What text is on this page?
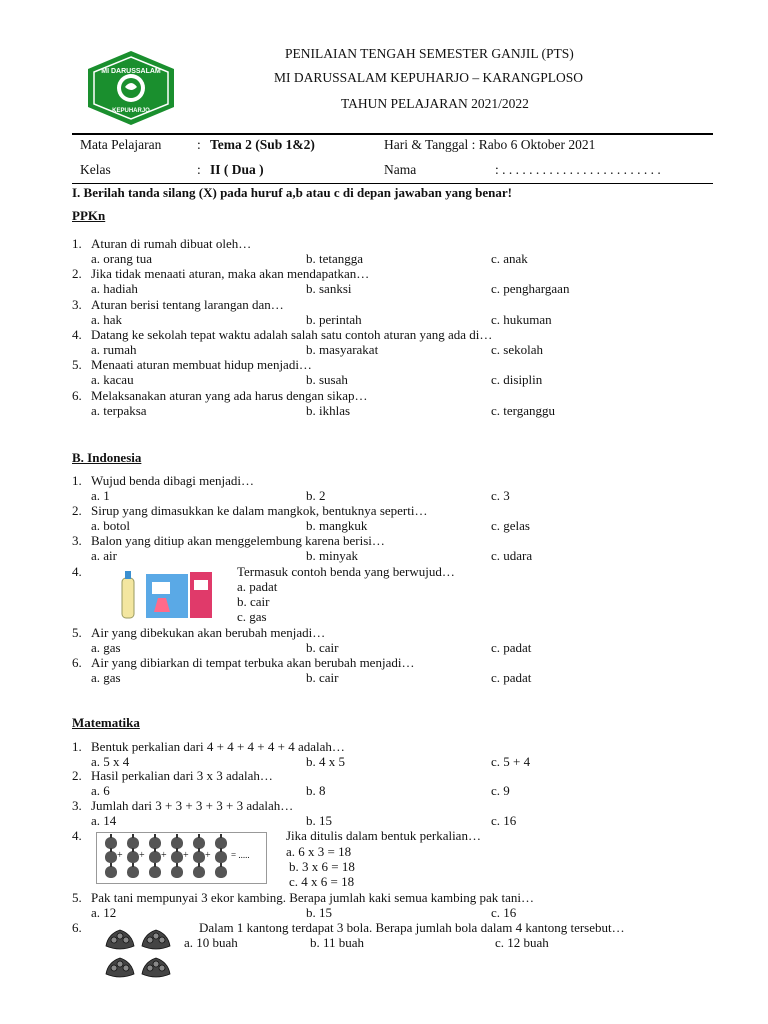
MI DARUSSALAM
KEPUHARJO
PENILAIAN TENGAH SEMESTER GANJIL (PTS)
MI DARUSSALAM KEPUHARJO – KARANGPLOSO
TAHUN PELAJARAN 2021/2022
Mata Pelajaran	: Tema 2 (Sub 1&2)	Hari & Tanggal : Rabo 6 Oktober 2021
Kelas	: II ( Dua )	Nama	: . . . . . . . . . . . . . . . . . . . . . . . .
I. Berilah tanda silang (X) pada huruf a,b atau c di depan jawaban yang benar!
PPKn
1. Aturan di rumah dibuat oleh…
a. orang tua	b. tetangga	c. anak
2. Jika tidak menaati aturan, maka akan mendapatkan…
a. hadiah	b. sanksi	c. penghargaan
3. Aturan berisi tentang larangan dan…
a. hak	b. perintah	c. hukuman
4. Datang ke sekolah tepat waktu adalah salah satu contoh aturan yang ada di…
a. rumah	b. masyarakat	c. sekolah
5. Menaati aturan membuat hidup menjadi…
a. kacau	b. susah	c. disiplin
6. Melaksanakan aturan yang ada harus dengan sikap…
a. terpaksa	b. ikhlas	c. terganggu
B. Indonesia
1. Wujud benda dibagi menjadi…
a. 1	b. 2	c. 3
2. Sirup yang dimasukkan ke dalam mangkok, bentuknya seperti…
a. botol	b. mangkuk	c. gelas
3. Balon yang ditiup akan menggelembung karena berisi…
a. air	b. minyak	c. udara
4.	Termasuk contoh benda yang berwujud…
a. padat
b. cair
c. gas
5. Air yang dibekukan akan berubah menjadi…
a. gas	b. cair	c. padat
6. Air yang dibiarkan di tempat terbuka akan berubah menjadi…
a. gas	b. cair	c. padat
Matematika
1. Bentuk perkalian dari 4 + 4 + 4 + 4 + 4 adalah…
a. 5 x 4	b. 4 x 5	c. 5 + 4
2. Hasil perkalian dari 3 x 3 adalah…
a. 6	b. 8	c. 9
3. Jumlah dari 3 + 3 + 3 + 3 + 3 adalah…
a. 14	b. 15	c. 16
4.
+ + + + + = .....
Jika ditulis dalam bentuk perkalian…
a. 6 x 3 = 18
b. 3 x 6 = 18
c. 4 x 6 = 18
5. Pak tani mempunyai 3 ekor kambing. Berapa jumlah kaki semua kambing pak tani…
a. 12	b. 15	c. 16
6.	Dalam 1 kantong terdapat 3 bola. Berapa jumlah bola dalam 4 kantong tersebut…
a. 10 buah	b. 11 buah	c. 12 buah
